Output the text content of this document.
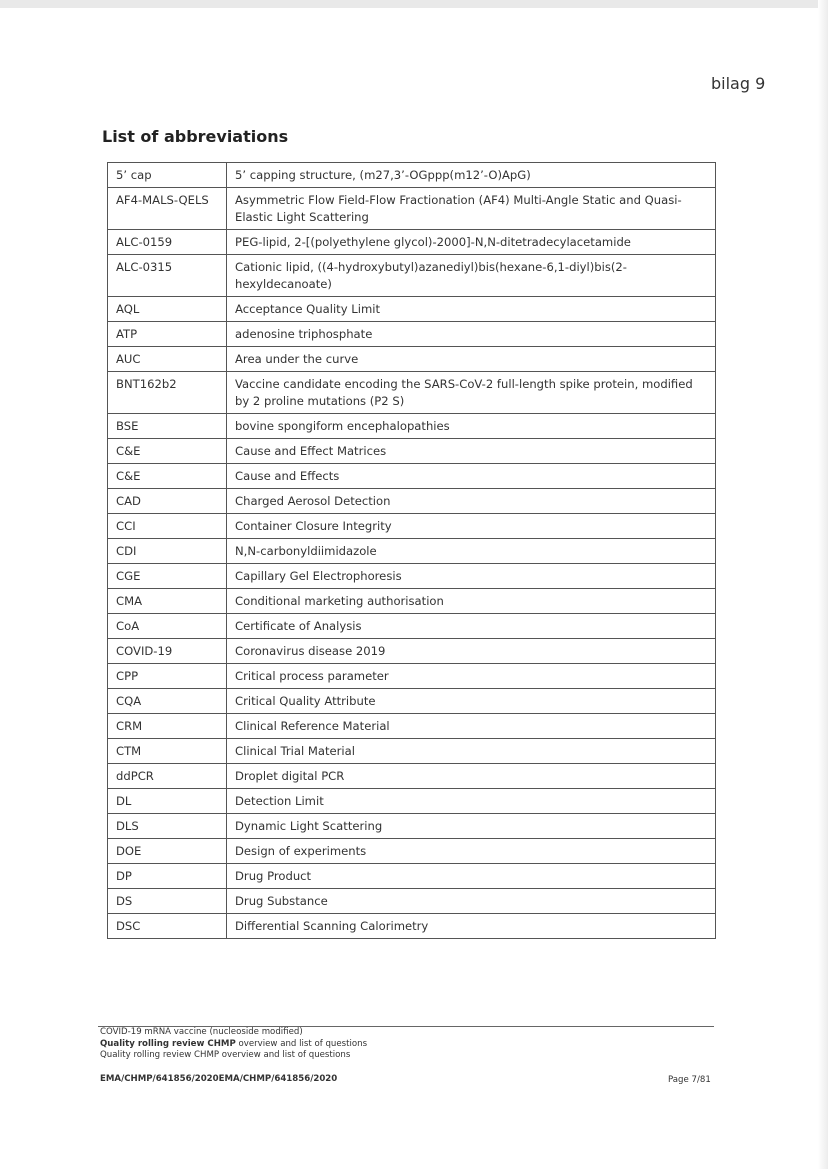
bilag 9
List of abbreviations
5’ cap	5’ capping structure, (m27,3’-OGppp(m12’-O)ApG)
AF4-MALS-QELS	Asymmetric Flow Field-Flow Fractionation (AF4) Multi-Angle Static and Quasi-Elastic Light Scattering
ALC-0159	PEG-lipid, 2-[(polyethylene glycol)-2000]-N,N-ditetradecylacetamide
ALC-0315	Cationic lipid, ((4-hydroxybutyl)azanediyl)bis(hexane-6,1-diyl)bis(2-hexyldecanoate)
AQL	Acceptance Quality Limit
ATP	adenosine triphosphate
AUC	Area under the curve
BNT162b2	Vaccine candidate encoding the SARS-CoV-2 full-length spike protein, modified by 2 proline mutations (P2 S)
BSE	bovine spongiform encephalopathies
C&E	Cause and Effect Matrices
C&E	Cause and Effects
CAD	Charged Aerosol Detection
CCI	Container Closure Integrity
CDI	N,N-carbonyldiimidazole
CGE	Capillary Gel Electrophoresis
CMA	Conditional marketing authorisation
CoA	Certificate of Analysis
COVID-19	Coronavirus disease 2019
CPP	Critical process parameter
CQA	Critical Quality Attribute
CRM	Clinical Reference Material
CTM	Clinical Trial Material
ddPCR	Droplet digital PCR
DL	Detection Limit
DLS	Dynamic Light Scattering
DOE	Design of experiments
DP	Drug Product
DS	Drug Substance
DSC	Differential Scanning Calorimetry
COVID-19 mRNA vaccine (nucleoside modified)
Quality rolling review CHMP overview and list of questions
Quality rolling review CHMP overview and list of questions
EMA/CHMP/641856/2020EMA/CHMP/641856/2020	Page 7/81
